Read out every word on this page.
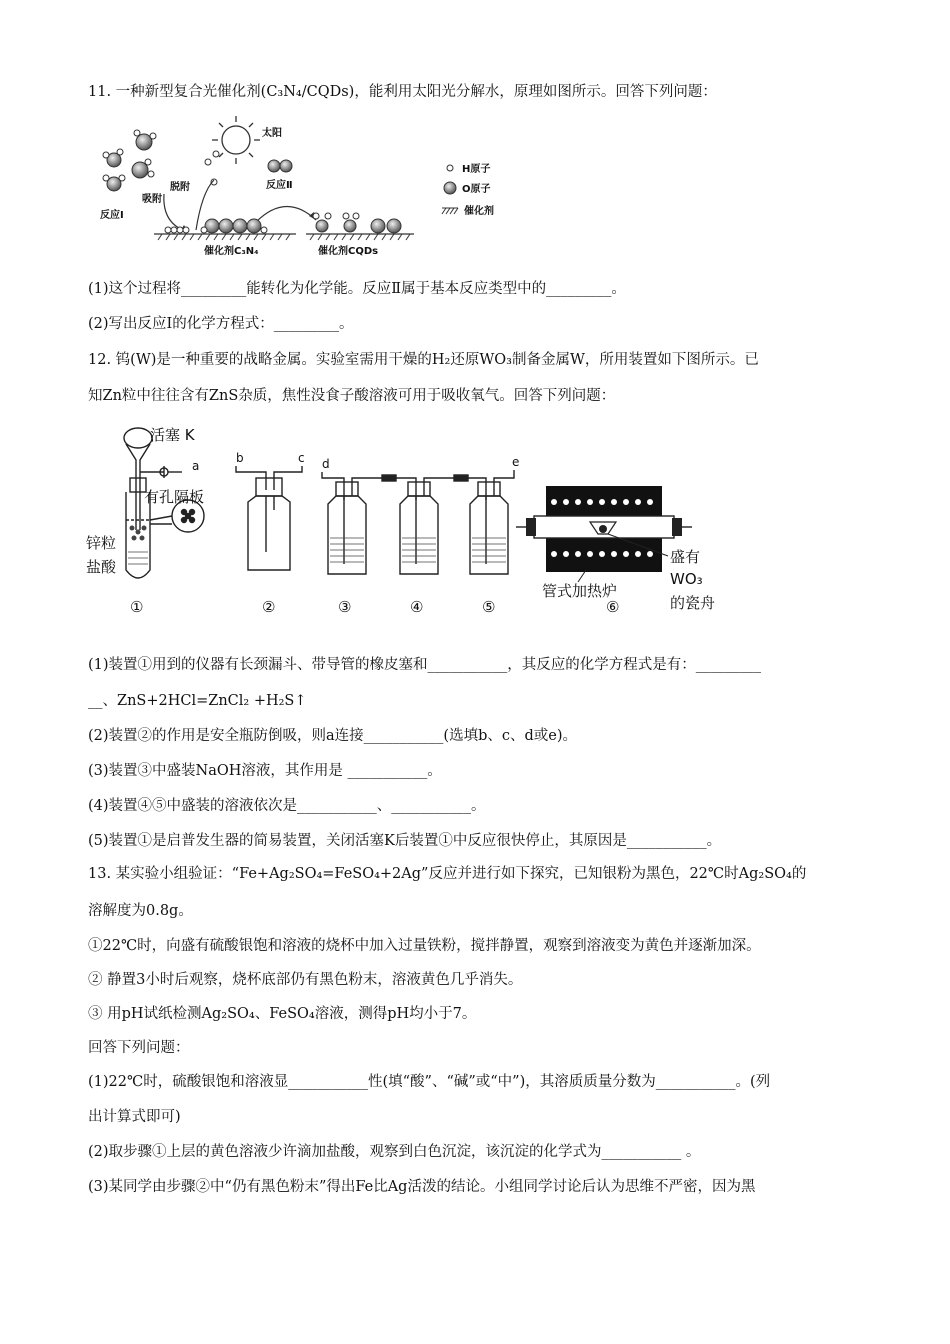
11. 一种新型复合光催化剂(C₃N₄/CQDs)，能利用太阳光分解水，原理如图所示。回答下列问题：
太阳
吸附
脱附
反应Ⅰ
反应Ⅱ
催化剂C₃N₄	催化剂CQDs
H原子
O原子
催化剂
(1)这个过程将_________能转化为化学能。反应Ⅱ属于基本反应类型中的_________。
(2)写出反应Ⅰ的化学方程式：_________。
12. 钨(W)是一种重要的战略金属。实验室需用干燥的H₂还原WO₃制备金属W，所用装置如下图所示。已
知Zn粒中往往含有ZnS杂质，焦性没食子酸溶液可用于吸收氧气。回答下列问题：
活塞 K
a
有孔隔板
锌粒
盐酸
①
b	c
②
d
③	④
e
⑤
盛有
WO₃
的瓷舟
管式加热炉
⑥
(1)装置①用到的仪器有长颈漏斗、带导管的橡皮塞和___________，其反应的化学方程式是有：_________
__、ZnS+2HCl=ZnCl₂ +H₂S↑
(2)装置②的作用是安全瓶防倒吸，则a连接___________(选填b、c、d或e)。
(3)装置③中盛装NaOH溶液，其作用是 ___________。
(4)装置④⑤中盛装的溶液依次是___________、___________。
(5)装置①是启普发生器的简易装置，关闭活塞K后装置①中反应很快停止，其原因是___________。
13. 某实验小组验证：“Fe+Ag₂SO₄=FeSO₄+2Ag”反应并进行如下探究，已知银粉为黑色，22℃时Ag₂SO₄的
溶解度为0.8g。
①22℃时，向盛有硫酸银饱和溶液的烧杯中加入过量铁粉，搅拌静置，观察到溶液变为黄色并逐渐加深。
② 静置3小时后观察，烧杯底部仍有黑色粉末，溶液黄色几乎消失。
③ 用pH试纸检测Ag₂SO₄、FeSO₄溶液，测得pH均小于7。
回答下列问题：
(1)22℃时，硫酸银饱和溶液显___________性(填“酸”、“碱”或“中”)，其溶质质量分数为___________。(列
出计算式即可)
(2)取步骤①上层的黄色溶液少许滴加盐酸，观察到白色沉淀，该沉淀的化学式为___________ 。
(3)某同学由步骤②中“仍有黑色粉末”得出Fe比Ag活泼的结论。小组同学讨论后认为思维不严密，因为黑
